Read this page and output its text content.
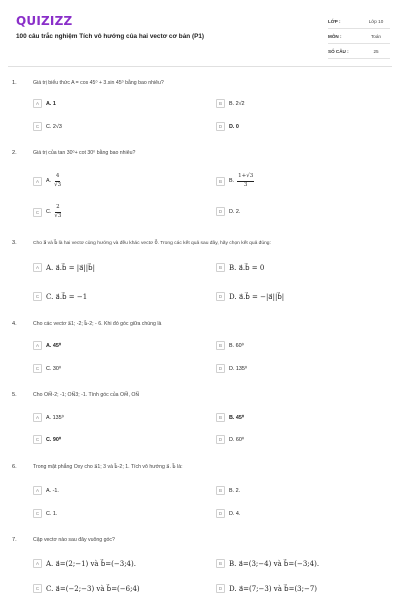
QUIZIZZ
100 câu trắc nghiệm Tích vô hướng của hai vectơ cơ bản (P1)
LỚP :	Lớp 10
MÔN :	Toán
SỐ CÂU :	25
1.	Giá trị biểu thức A = cos 45⁰ + 3.sin 45⁰ bằng bao nhiêu?
A	A. 1	B	B. 2√2
C	C. 2√3	D	D. 0
2.	Giá trị của tan 30⁰+ cot 30⁰ bằng bao nhiêu?
A	A. $\frac{4}{√3}$	B	B. $\frac{1+√3}{3}$
C	C. $\frac{2}{√3}$	D	D. 2.
3.	Cho a⃗ và b⃗ là hai vectơ cùng hướng và đều khác vectơ 0⃗. Trong các kết quả sau đây, hãy chọn kết quả đúng:
A	A. a⃗.b⃗ = |a⃗||b⃗|	B	B. a⃗.b⃗ = 0
C C. a⃗.b⃗ = −1	D D. a⃗.b⃗ = −|a⃗||b⃗|
4.	Cho các vectơ a⃗1; -2; b⃗-2; - 6. Khi đó góc giữa chúng là
A	A. 45⁰	B	B. 60⁰
C	C. 30⁰	D	D. 135⁰
5.	Cho OM⃗-2; -1; ON⃗3; -1. Tính góc của OM⃗, ON⃗
A	A. 135⁰	B	B. 45⁰
C	C. 90⁰	D	D. 60⁰
6.	Trong mặt phẳng Oxy cho a⃗1; 3 và b⃗-2; 1. Tích vô hướng a⃗. b⃗ là:
A	A. -1.	B	B. 2.
C	C. 1.	D	D. 4.
7.	Cặp vectơ nào sau đây vuông góc?
A	A. a⃗=(2;−1) và b⃗=(−3;4).	B	B. a⃗=(3;−4) và b⃗=(−3;4).
C C. a⃗=(−2;−3) và b⃗=(−6;4)	D D. a⃗=(7;−3) và b⃗=(3;−7)
